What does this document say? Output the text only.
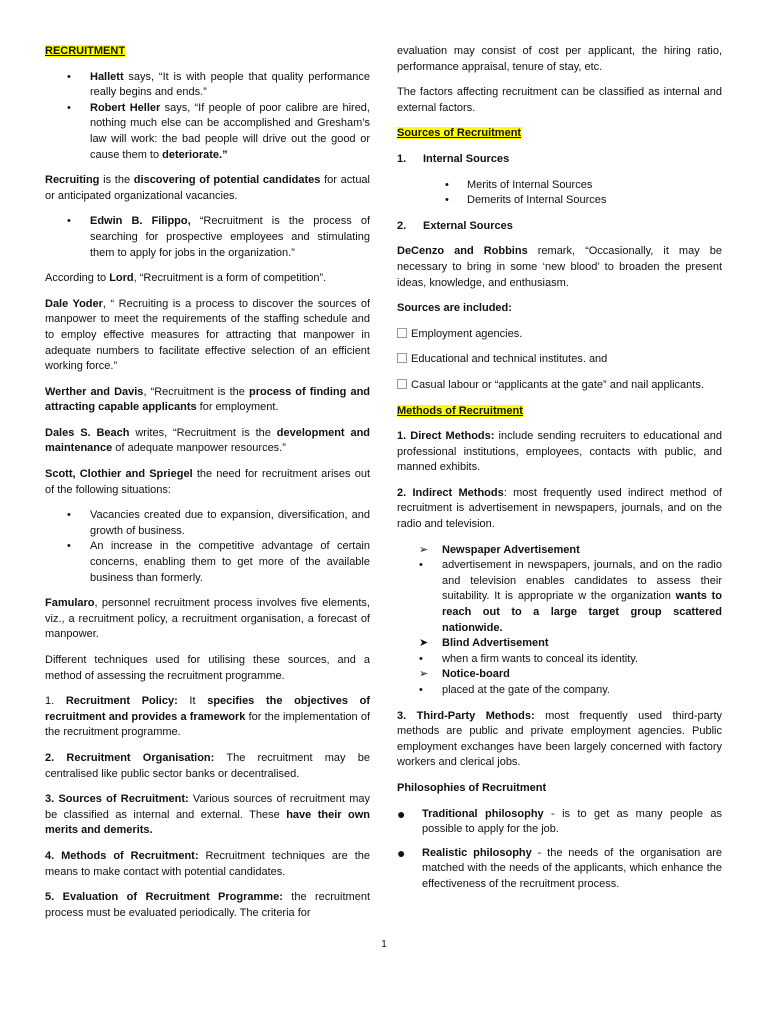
RECRUITMENT
• Hallett says, “It is with people that quality performance really begins and ends.”
• Robert Heller says, “If people of poor calibre are hired, nothing much else can be accomplished and Gresham’s law will work: the bad people will drive out the good or cause them to deteriorate.”

Recruiting is the discovering of potential candidates for actual or anticipated organizational vacancies.

• Edwin B. Filippo, “Recruitment is the process of searching for prospective employees and stimulating them to apply for jobs in the organization.”

According to Lord, “Recruitment is a form of competition”.

Dale Yoder, “ Recruiting is a process to discover the sources of manpower to meet the requirements of the staffing schedule and to employ effective measures for attracting that manpower in adequate numbers to facilitate effective selection of an efficient working force.”

Werther and Davis, “Recruitment is the process of finding and attracting capable applicants for employment.

Dales S. Beach writes, “Recruitment is the development and maintenance of adequate manpower resources.”

Scott, Clothier and Spriegel the need for recruitment arises out of the following situations:

• Vacancies created due to expansion, diversification, and growth of business.
• An increase in the competitive advantage of certain concerns, enabling them to get more of the available business than formerly.

Famularo, personnel recruitment process involves five elements, viz., a recruitment policy, a recruitment organisation, a forecast of manpower.

Different techniques used for utilising these sources, and a method of assessing the recruitment programme.

1. Recruitment Policy: It specifies the objectives of recruitment and provides a framework for the implementation of the recruitment programme.

2. Recruitment Organisation: The recruitment may be centralised like public sector banks or decentralised.

3. Sources of Recruitment: Various sources of recruitment may be classified as internal and external. These have their own merits and demerits.

4. Methods of Recruitment: Recruitment techniques are the means to make contact with potential candidates.

5. Evaluation of Recruitment Programme: the recruitment process must be evaluated periodically. The criteria for

evaluation may consist of cost per applicant, the hiring ratio, performance appraisal, tenure of stay, etc.

The factors affecting recruitment can be classified as internal and external factors.

Sources of Recruitment
1. Internal Sources
• Merits of Internal Sources
• Demerits of Internal Sources
2. External Sources

DeCenzo and Robbins remark, “Occasionally, it may be necessary to bring in some ‘new blood’ to broaden the present ideas, knowledge, and enthusiasm.

Sources are included:

Employment agencies.
Educational and technical institutes. and
Casual labour or “applicants at the gate” and nail applicants.
Methods of Recruitment

1. Direct Methods: include sending recruiters to educational and professional institutions, employees, contacts with public, and manned exhibits.

2. Indirect Methods: most frequently used indirect method of recruitment is advertisement in newspapers, journals, and on the radio and television.

➢ Newspaper Advertisement
• advertisement in newspapers, journals, and on the radio and television enables candidates to assess their suitability. It is appropriate w the organization wants to reach out to a large target group scattered nationwide.
➤ Blind Advertisement
• when a firm wants to conceal its identity.
➢ Notice-board
• placed at the gate of the company.

3. Third-Party Methods: most frequently used third-party methods are public and private employment agencies. Public employment exchanges have been largely concerned with factory workers and clerical jobs.

Philosophies of Recruitment

● Traditional philosophy - is to get as many people as possible to apply for the job.
● Realistic philosophy - the needs of the organisation are matched with the needs of the applicants, which enhance the effectiveness of the recruitment process.
1
